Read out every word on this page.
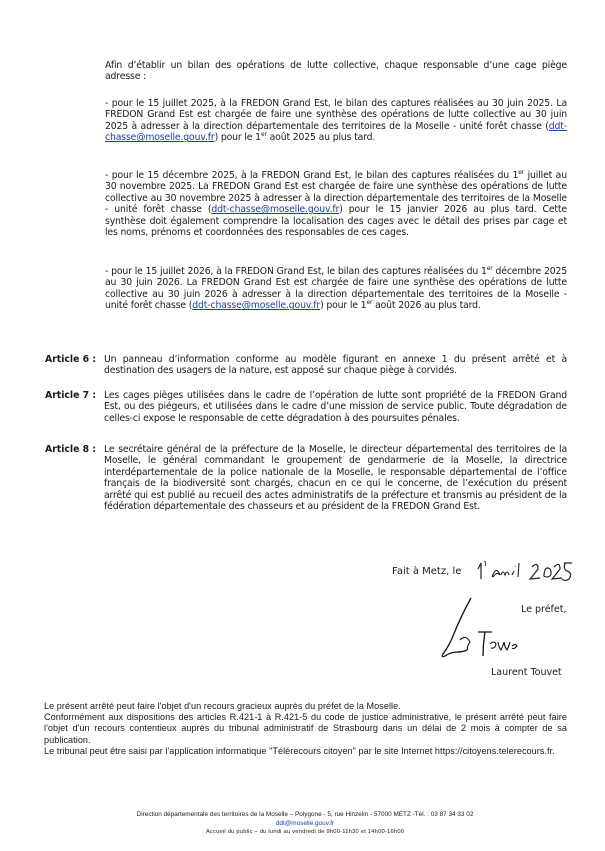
Afin d’établir un bilan des opérations de lutte collective, chaque responsable d’une cage piège adresse :

- pour le 15 juillet 2025, à la FREDON Grand Est, le bilan des captures réalisées au 30 juin 2025. La FREDON Grand Est est chargée de faire une synthèse des opérations de lutte collective au 30 juin 2025 à adresser à la direction départementale des territoires de la Moselle - unité forêt chasse (ddt-chasse@moselle.gouv.fr) pour le 1er août 2025 au plus tard.

- pour le 15 décembre 2025, à la FREDON Grand Est, le bilan des captures réalisées du 1er juillet au 30 novembre 2025. La FREDON Grand Est est chargée de faire une synthèse des opérations de lutte collective au 30 novembre 2025 à adresser à la direction départementale des territoires de la Moselle - unité forêt chasse (ddt-chasse@moselle.gouv.fr) pour le 15 janvier 2026 au plus tard. Cette synthèse doit également comprendre la localisation des cages avec le détail des prises par cage et les noms, prénoms et coordonnées des responsables de ces cages.

- pour le 15 juillet 2026, à la FREDON Grand Est, le bilan des captures réalisées du 1er décembre 2025 au 30 juin 2026. La FREDON Grand Est est chargée de faire une synthèse des opérations de lutte collective au 30 juin 2026 à adresser à la direction départementale des territoires de la Moselle - unité forêt chasse (ddt-chasse@moselle.gouv.fr) pour le 1er août 2026 au plus tard.

Article 6 : Un panneau d’information conforme au modèle figurant en annexe 1 du présent arrêté et à destination des usagers de la nature, est apposé sur chaque piège à corvidés.

Article 7 : Les cages pièges utilisées dans le cadre de l’opération de lutte sont propriété de la FREDON Grand Est, ou des piégeurs, et utilisées dans le cadre d’une mission de service public. Toute dégradation de celles-ci expose le responsable de cette dégradation à des poursuites pénales.

Article 8 : Le secrétaire général de la préfecture de la Moselle, le directeur départemental des territoires de la Moselle, le général commandant le groupement de gendarmerie de la Moselle, la directrice interdépartementale de la police nationale de la Moselle, le responsable départemental de l’office français de la biodiversité sont chargés, chacun en ce qui le concerne, de l’exécution du présent arrêté qui est publié au recueil des actes administratifs de la préfecture et transmis au président de la fédération départementale des chasseurs et au président de la FREDON Grand Est.

Fait à Metz, le
Le préfet,
Laurent Touvet

Le présent arrêté peut faire l'objet d'un recours gracieux auprès du préfet de la Moselle.

Conformément aux dispositions des articles R.421-1 à R.421-5 du code de justice administrative, le présent arrêté peut faire l'objet d'un recours contentieux auprès du tribunal administratif de Strasbourg dans un délai de 2 mois à compter de sa publication.

Le tribunal peut être saisi par l'application informatique "Télérecours citoyen" par le site Internet https://citoyens.telerecours.fr.

Direction départementale des territoires de la Moselle – Polygone - 5, rue Hinzelin - 57000 METZ -Tél. : 03 87 34 33 02
ddt@moselle.gouv.fr
Accueil du public – du lundi au vendredi de 9h00-11h30 et 14h00-16h00
